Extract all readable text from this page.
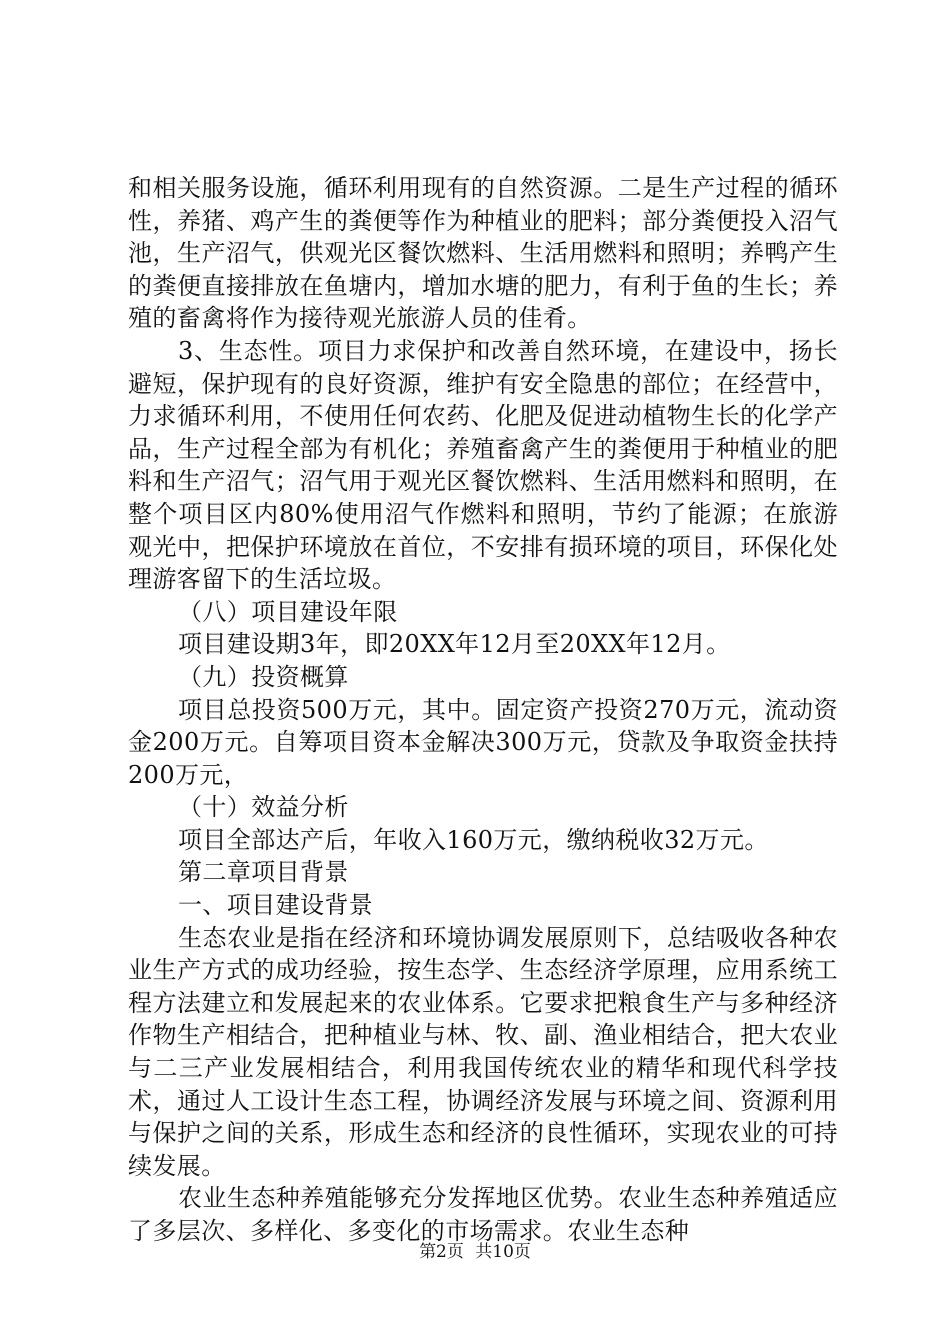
和相关服务设施，循环利用现有的自然资源。二是生产过程的循环性，养猪、鸡产生的粪便等作为种植业的肥料；部分粪便投入沼气池，生产沼气，供观光区餐饮燃料、生活用燃料和照明；养鸭产生的粪便直接排放在鱼塘内，增加水塘的肥力，有利于鱼的生长；养殖的畜禽将作为接待观光旅游人员的佳肴。

3、生态性。项目力求保护和改善自然环境，在建设中，扬长避短，保护现有的良好资源，维护有安全隐患的部位；在经营中，力求循环利用，不使用任何农药、化肥及促进动植物生长的化学产品，生产过程全部为有机化；养殖畜禽产生的粪便用于种植业的肥料和生产沼气；沼气用于观光区餐饮燃料、生活用燃料和照明，在整个项目区内80%使用沼气作燃料和照明，节约了能源；在旅游观光中，把保护环境放在首位，不安排有损环境的项目，环保化处理游客留下的生活垃圾。

（八）项目建设年限

项目建设期3年，即20XX年12月至20XX年12月。

（九）投资概算

项目总投资500万元，其中。固定资产投资270万元，流动资金200万元。自筹项目资本金解决300万元，贷款及争取资金扶持200万元，

（十）效益分析

项目全部达产后，年收入160万元，缴纳税收32万元。

第二章项目背景

一、项目建设背景

生态农业是指在经济和环境协调发展原则下，总结吸收各种农业生产方式的成功经验，按生态学、生态经济学原理，应用系统工程方法建立和发展起来的农业体系。它要求把粮食生产与多种经济作物生产相结合，把种植业与林、牧、副、渔业相结合，把大农业与二三产业发展相结合，利用我国传统农业的精华和现代科学技术，通过人工设计生态工程，协调经济发展与环境之间、资源利用与保护之间的关系，形成生态和经济的良性循环，实现农业的可持续发展。

农业生态种养殖能够充分发挥地区优势。农业生态种养殖适应了多层次、多样化、多变化的市场需求。农业生态种

第2页 共10页
